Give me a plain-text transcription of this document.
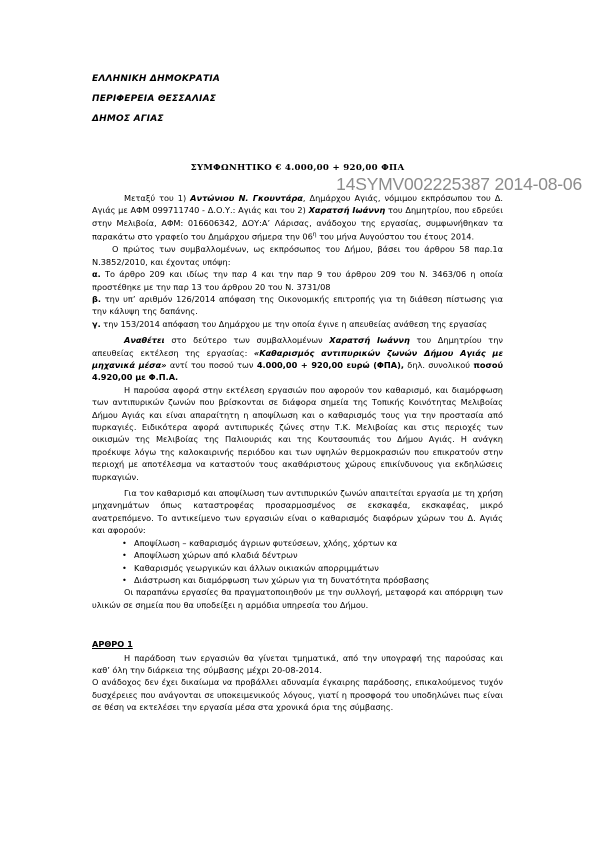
ΕΛΛΗΝΙΚΗ ΔΗΜΟΚΡΑΤΙΑ
ΠΕΡΙΦΕΡΕΙΑ ΘΕΣΣΑΛΙΑΣ
ΔΗΜΟΣ ΑΓΙΑΣ
ΣΥΜΦΩΝΗΤΙΚΟ € 4.000,00 + 920,00 ΦΠΑ
14SYMV002225387 2014-08-06

Μεταξύ του 1) Αντώνιου Ν. Γκουντάρα, Δημάρχου Αγιάς, νόμιμου εκπρόσωπου του Δ. Αγιάς με ΑΦΜ 099711740 - Δ.Ο.Υ.: Αγιάς και του 2) Χαρατσή Ιωάννη του Δημητρίου, που εδρεύει στην Μελιβοία, ΑΦΜ: 016606342, ΔΟΥ:Α’ Λάρισας, ανάδοχου της εργασίας, συμφωνήθηκαν τα παρακάτω στο γραφείο του Δημάρχου σήμερα την $06^\eta$ του μήνα Αυγούστου του έτους 2014.

Ο πρώτος των συμβαλλομένων, ως εκπρόσωπος του Δήμου, βάσει του άρθρου 58 παρ.1α Ν.3852/2010, και έχοντας υπόψη:

α. Το άρθρο 209 και ιδίως την παρ 4 και την παρ 9 του άρθρου 209 του Ν. 3463/06 η οποία προστέθηκε με την παρ 13 του άρθρου 20 του Ν. 3731/08

β. την υπ’ αριθμόν 126/2014 απόφαση της Οικονομικής επιτροπής για τη διάθεση πίστωσης για την κάλυψη της δαπάνης.

γ. την 153/2014 απόφαση του Δημάρχου με την οποία έγινε η απευθείας ανάθεση της εργασίας

Αναθέτει στο δεύτερο των συμβαλλομένων Χαρατσή Ιωάννη του Δημητρίου την απευθείας εκτέλεση της εργασίας: «Καθαρισμός αντιπυρικών ζωνών Δήμου Αγιάς με μηχανικά μέσα» αντί του ποσού των 4.000,00 + 920,00 ευρώ (ΦΠΑ), δηλ. συνολικού ποσού 4.920,00 με Φ.Π.Α.

Η παρούσα αφορά στην εκτέλεση εργασιών που αφορούν τον καθαρισμό, και διαμόρφωση των αντιπυρικών ζωνών που βρίσκονται σε διάφορα σημεία της Τοπικής Κοινότητας Μελιβοίας Δήμου Αγιάς και είναι απαραίτητη η αποψίλωση και ο καθαρισμός τους για την προστασία από πυρκαγιές. Ειδικότερα αφορά αντιπυρικές ζώνες στην Τ.Κ. Μελιβοίας και στις περιοχές των οικισμών της Μελιβοίας της Παλιουριάς και της Κουτσουπιάς του Δήμου Αγιάς. Η ανάγκη προέκυψε λόγω της καλοκαιρινής περιόδου και των υψηλών θερμοκρασιών που επικρατούν στην περιοχή με αποτέλεσμα να καταστούν τους ακαθάριστους χώρους επικίνδυνους για εκδηλώσεις πυρκαγιών.

Για τον καθαρισμό και αποψίλωση των αντιπυρικών ζωνών απαιτείται εργασία με τη χρήση μηχανημάτων όπως καταστροφέας προσαρμοσμένος σε εκσκαφέα, εκσκαφέας, μικρό ανατρεπόμενο. Το αντικείμενο των εργασιών είναι ο καθαρισμός διαφόρων χώρων του Δ. Αγιάς και αφορούν:

• Αποψίλωση – καθαρισμός άγριων φυτεύσεων, χλόης, χόρτων κα
• Αποψίλωση χώρων από κλαδιά δέντρων
• Καθαρισμός γεωργικών και άλλων οικιακών απορριμμάτων
• Διάστρωση και διαμόρφωση των χώρων για τη δυνατότητα πρόσβασης

Οι παραπάνω εργασίες θα πραγματοποιηθούν με την συλλογή, μεταφορά και απόρριψη των υλικών σε σημεία που θα υποδείξει η αρμόδια υπηρεσία του Δήμου.

ΑΡΘΡΟ 1

Η παράδοση των εργασιών θα γίνεται τμηματικά, από την υπογραφή της παρούσας και καθ’ όλη την διάρκεια της σύμβασης μέχρι 20-08-2014.

Ο ανάδοχος δεν έχει δικαίωμα να προβάλλει αδυναμία έγκαιρης παράδοσης, επικαλούμενος τυχόν δυσχέρειες που ανάγονται σε υποκειμενικούς λόγους, γιατί η προσφορά του υποδηλώνει πως είναι σε θέση να εκτελέσει την εργασία μέσα στα χρονικά όρια της σύμβασης.
